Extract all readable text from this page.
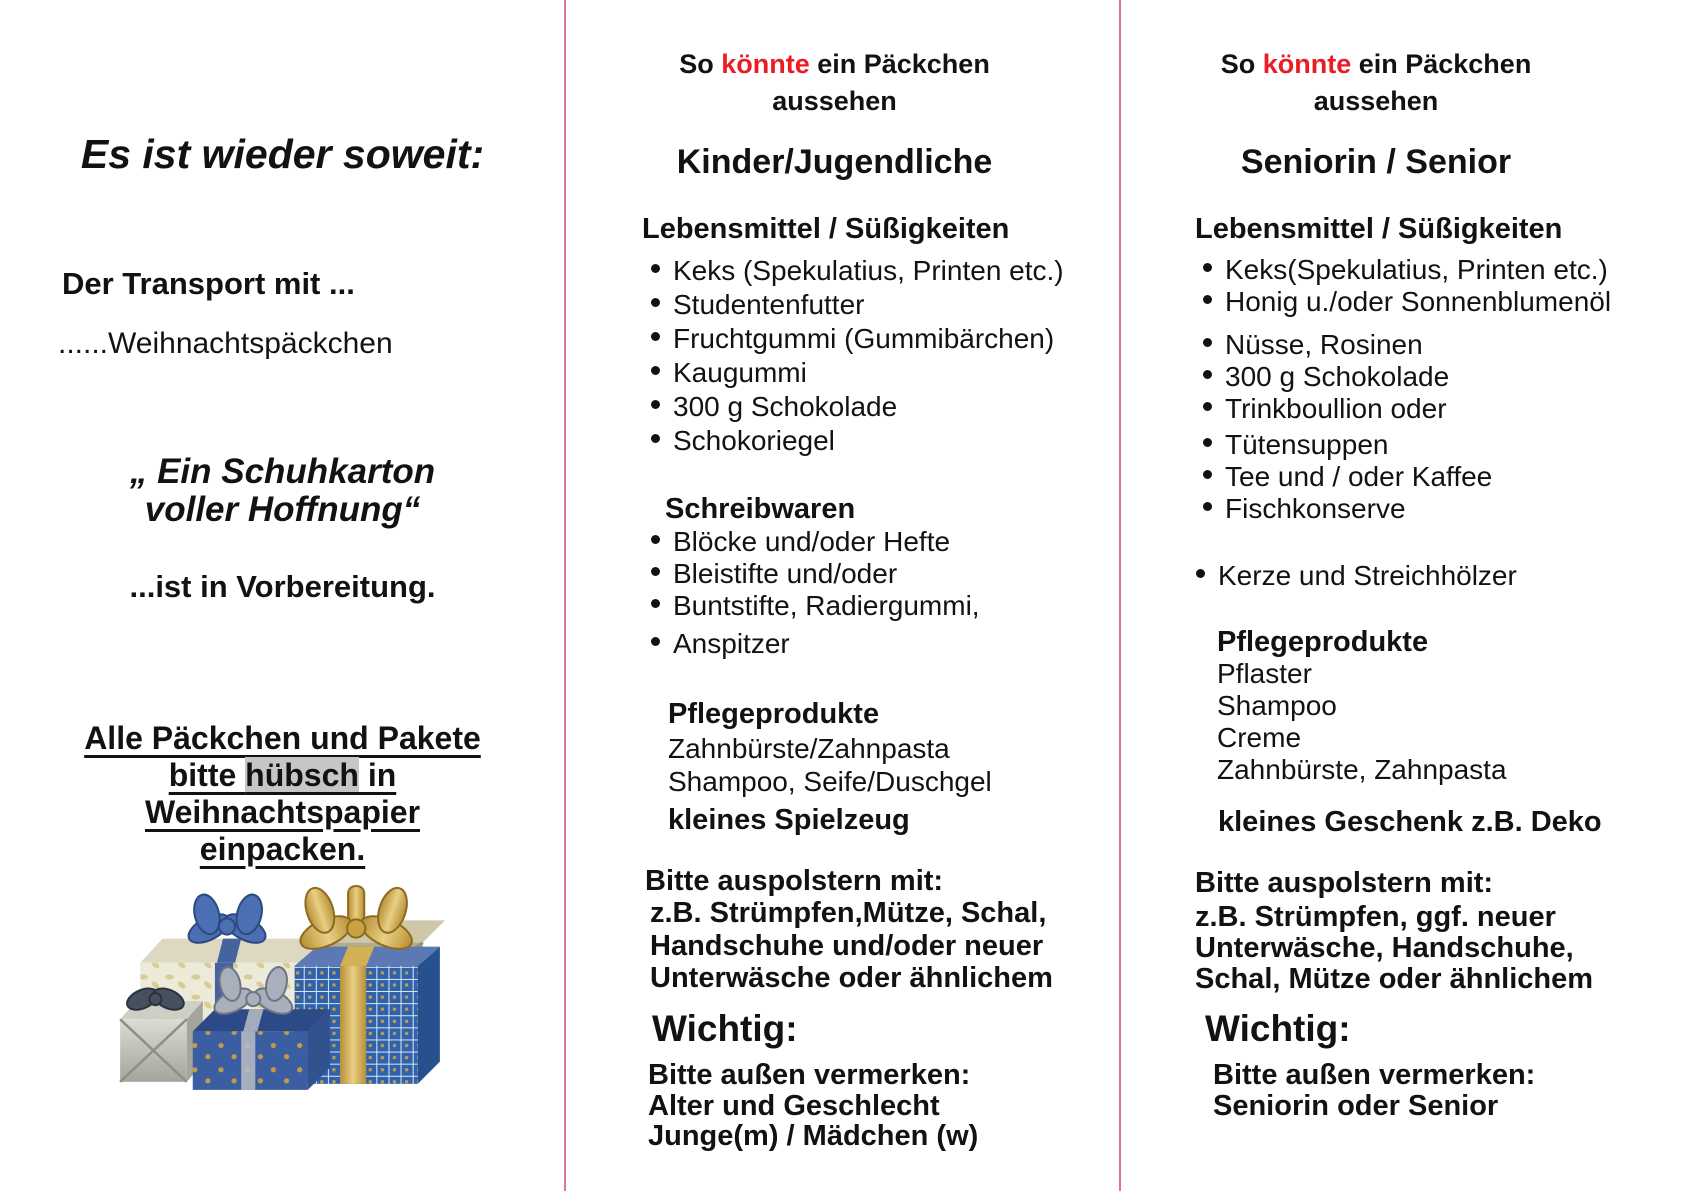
Es ist wieder soweit:
Der Transport mit ...
......Weihnachtspäckchen
„ Ein Schuhkarton
voller Hoffnung“
...ist in Vorbereitung.
Alle Päckchen und Pakete
bitte hübsch in
Weihnachtspapier
einpacken.
So könnte ein Päckchen
aussehen
Kinder/Jugendliche
Lebensmittel / Süßigkeiten
Keks (Spekulatius, Printen etc.)
Studentenfutter
Fruchtgummi (Gummibärchen)
Kaugummi
300 g Schokolade
Schokoriegel
Schreibwaren
Blöcke und/oder Hefte
Bleistifte und/oder
Buntstifte, Radiergummi,
Anspitzer
Pflegeprodukte
Zahnbürste/Zahnpasta
Shampoo, Seife/Duschgel
kleines Spielzeug
Bitte auspolstern mit:
z.B. Strümpfen,Mütze, Schal,
Handschuhe und/oder neuer
Unterwäsche oder ähnlichem
Wichtig:
Bitte außen vermerken:
Alter und Geschlecht
Junge(m) / Mädchen (w)
So könnte ein Päckchen
aussehen
Seniorin / Senior
Lebensmittel / Süßigkeiten
Keks(Spekulatius, Printen etc.)
Honig u./oder Sonnenblumenöl
Nüsse, Rosinen
300 g Schokolade
Trinkboullion oder
Tütensuppen
Tee und / oder Kaffee
Fischkonserve
Kerze und Streichhölzer
Pflegeprodukte
Pflaster
Shampoo
Creme
Zahnbürste, Zahnpasta
kleines Geschenk z.B. Deko
Bitte auspolstern mit:
z.B. Strümpfen, ggf. neuer
Unterwäsche, Handschuhe,
Schal, Mütze oder ähnlichem
Wichtig:
Bitte außen vermerken:
Seniorin oder Senior
